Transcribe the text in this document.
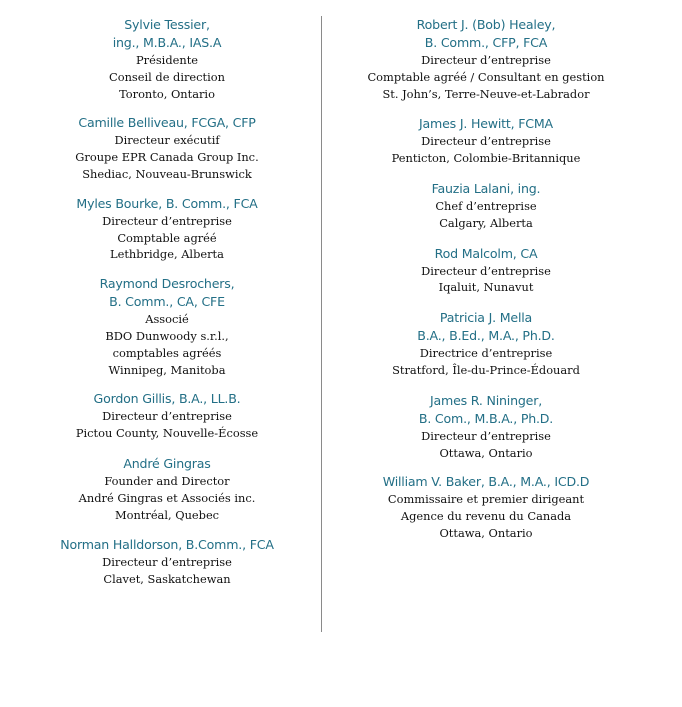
Sylvie Tessier,
ing., M.B.A., IAS.A
Présidente
Conseil de direction
Toronto, Ontario
Camille Belliveau, FCGA, CFP
Directeur exécutif
Groupe EPR Canada Group Inc.
Shediac, Nouveau-Brunswick
Myles Bourke, B. Comm., FCA
Directeur d’entreprise
Comptable agréé
Lethbridge, Alberta
Raymond Desrochers,
B. Comm., CA, CFE
Associé
BDO Dunwoody s.r.l.,
comptables agréés
Winnipeg, Manitoba
Gordon Gillis, B.A., LL.B.
Directeur d’entreprise
Pictou County, Nouvelle-Écosse
André Gingras
Founder and Director
André Gingras et Associés inc.
Montréal, Quebec
Norman Halldorson, B.Comm., FCA
Directeur d’entreprise
Clavet, Saskatchewan
Robert J. (Bob) Healey,
B. Comm., CFP, FCA
Directeur d’entreprise
Comptable agréé / Consultant en gestion
St. John’s, Terre-Neuve-et-Labrador
James J. Hewitt, FCMA
Directeur d’entreprise
Penticton, Colombie-Britannique
Fauzia Lalani, ing.
Chef d’entreprise
Calgary, Alberta
Rod Malcolm, CA
Directeur d’entreprise
Iqaluit, Nunavut
Patricia J. Mella
B.A., B.Ed., M.A., Ph.D.
Directrice d’entreprise
Stratford, Île-du-Prince-Édouard
James R. Nininger,
B. Com., M.B.A., Ph.D.
Directeur d’entreprise
Ottawa, Ontario
William V. Baker, B.A., M.A., ICD.D
Commissaire et premier dirigeant
Agence du revenu du Canada
Ottawa, Ontario
